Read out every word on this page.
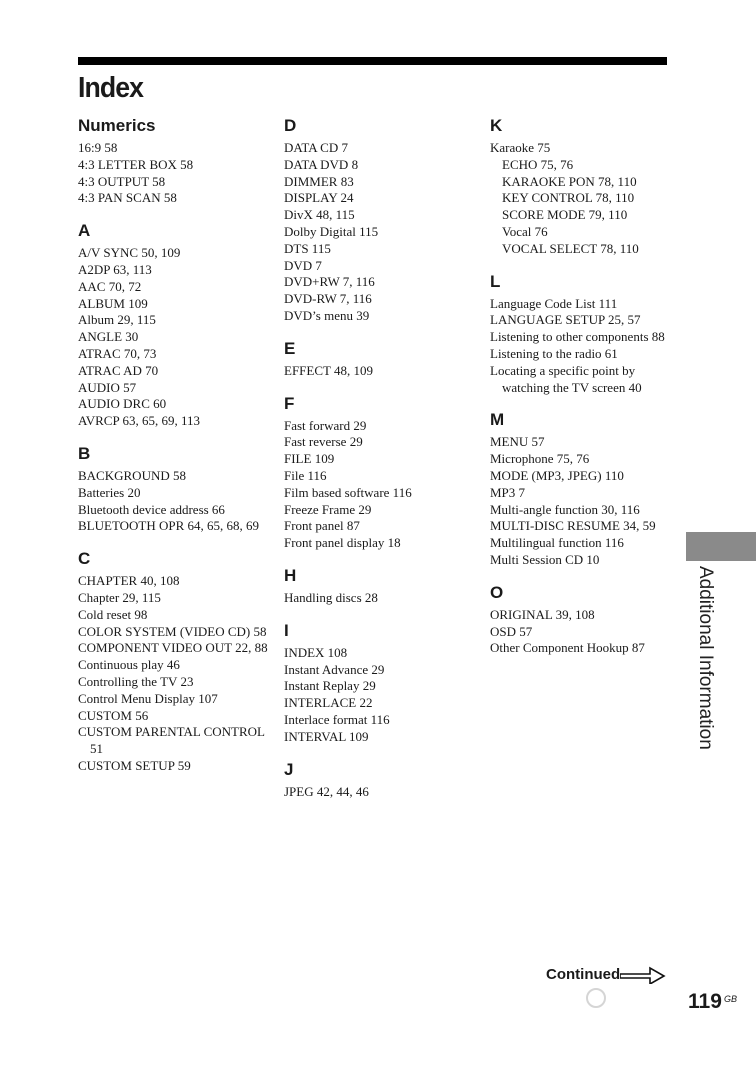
Index
Numerics
16:9 58
4:3 LETTER BOX 58
4:3 OUTPUT 58
4:3 PAN SCAN 58
A
A/V SYNC 50, 109
A2DP 63, 113
AAC 70, 72
ALBUM 109
Album 29, 115
ANGLE 30
ATRAC 70, 73
ATRAC AD 70
AUDIO 57
AUDIO DRC 60
AVRCP 63, 65, 69, 113
B
BACKGROUND 58
Batteries 20
Bluetooth device address 66
BLUETOOTH OPR 64, 65, 68, 69
C
CHAPTER 40, 108
Chapter 29, 115
Cold reset 98
COLOR SYSTEM (VIDEO CD) 58
COMPONENT VIDEO OUT 22, 88
Continuous play 46
Controlling the TV 23
Control Menu Display 107
CUSTOM 56
CUSTOM PARENTAL CONTROL 51
CUSTOM SETUP 59
D
DATA CD 7
DATA DVD 8
DIMMER 83
DISPLAY 24
DivX 48, 115
Dolby Digital 115
DTS 115
DVD 7
DVD+RW 7, 116
DVD-RW 7, 116
DVD’s menu 39
E
EFFECT 48, 109
F
Fast forward 29
Fast reverse 29
FILE 109
File 116
Film based software 116
Freeze Frame 29
Front panel 87
Front panel display 18
H
Handling discs 28
I
INDEX 108
Instant Advance 29
Instant Replay 29
INTERLACE 22
Interlace format 116
INTERVAL 109
J
JPEG 42, 44, 46
K
Karaoke 75
ECHO 75, 76
KARAOKE PON 78, 110
KEY CONTROL 78, 110
SCORE MODE 79, 110
Vocal 76
VOCAL SELECT 78, 110
L
Language Code List 111
LANGUAGE SETUP 25, 57
Listening to other components 88
Listening to the radio 61
Locating a specific point by watching the TV screen 40
M
MENU 57
Microphone 75, 76
MODE (MP3, JPEG) 110
MP3 7
Multi-angle function 30, 116
MULTI-DISC RESUME 34, 59
Multilingual function 116
Multi Session CD 10
O
ORIGINAL 39, 108
OSD 57
Other Component Hookup 87	Additional Information
Continued
119 GB
